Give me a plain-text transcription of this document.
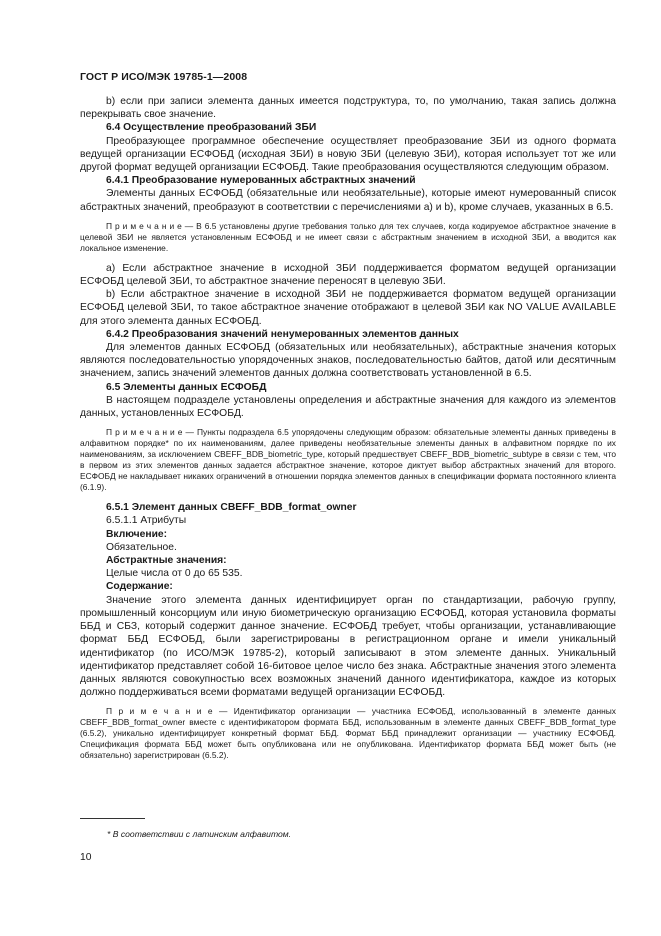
ГОСТ Р ИСО/МЭК 19785-1—2008

b) если при записи элемента данных имеется подструктура, то, по умолчанию, такая запись должна перекрывать свое значение.

6.4 Осуществление преобразований ЗБИ

Преобразующее программное обеспечение осуществляет преобразование ЗБИ из одного формата ведущей организации ЕСФОБД (исходная ЗБИ) в новую ЗБИ (целевую ЗБИ), которая использует тот же или другой формат ведущей организации ЕСФОБД. Такие преобразования осуществляются следующим образом.

6.4.1 Преобразование нумерованных абстрактных значений

Элементы данных ЕСФОБД (обязательные или необязательные), которые имеют нумерованный список абстрактных значений, преобразуют в соответствии с перечислениями а) и b), кроме случаев, указанных в 6.5.

П р и м е ч а н и е — В 6.5 установлены другие требования только для тех случаев, когда кодируемое абстрактное значение в целевой ЗБИ не является установленным ЕСФОБД и не имеет связи с абстрактным значением в исходной ЗБИ, а вводится как локальное изменение.

а) Если абстрактное значение в исходной ЗБИ поддерживается форматом ведущей организации ЕСФОБД целевой ЗБИ, то абстрактное значение переносят в целевую ЗБИ.

b) Если абстрактное значение в исходной ЗБИ не поддерживается форматом ведущей организации ЕСФОБД целевой ЗБИ, то такое абстрактное значение отображают в целевой ЗБИ как NO VALUE AVAILABLE для этого элемента данных ЕСФОБД.

6.4.2 Преобразования значений ненумерованных элементов данных

Для элементов данных ЕСФОБД (обязательных или необязательных), абстрактные значения которых являются последовательностью упорядоченных знаков, последовательностью байтов, датой или десятичным значением, запись значений элементов данных должна соответствовать установленной в 6.5.

6.5 Элементы данных ЕСФОБД

В настоящем подразделе установлены определения и абстрактные значения для каждого из элементов данных, установленных ЕСФОБД.

П р и м е ч а н и е — Пункты подраздела 6.5 упорядочены следующим образом: обязательные элементы данных приведены в алфавитном порядке* по их наименованиям, далее приведены необязательные элементы данных в алфавитном порядке по их наименованиям, за исключением CBEFF_BDB_biometric_type, который предшествует CBEFF_BDB_biometric_subtype в связи с тем, что в первом из этих элементов данных задается абстрактное значение, которое диктует выбор абстрактных значений для второго. ЕСФОБД не накладывает никаких ограничений в отношении порядка элементов данных в спецификации формата постоянного клиента (6.1.9).

6.5.1 Элемент данных CBEFF_BDB_format_owner

6.5.1.1 Атрибуты

Включение:

Обязательное.

Абстрактные значения:

Целые числа от 0 до 65 535.

Содержание:

Значение этого элемента данных идентифицирует орган по стандартизации, рабочую группу, промышленный консорциум или иную биометрическую организацию ЕСФОБД, которая установила форматы ББД и СБЗ, который содержит данное значение. ЕСФОБД требует, чтобы организации, устанавливающие формат ББД ЕСФОБД, были зарегистрированы в регистрационном органе и имели уникальный идентификатор (по ИСО/МЭК 19785-2), который записывают в этом элементе данных. Уникальный идентификатор представляет собой 16-битовое целое число без знака. Абстрактные значения этого элемента данных являются совокупностью всех возможных значений данного идентификатора, каждое из которых должно поддерживаться всеми форматами ведущей организации ЕСФОБД.

П р и м е ч а н и е — Идентификатор организации — участника ЕСФОБД, использованный в элементе данных CBEFF_BDB_format_owner вместе с идентификатором формата ББД, использованным в элементе данных CBEFF_BDB_format_type (6.5.2), уникально идентифицирует конкретный формат ББД. Формат ББД принадлежит организации — участнику ЕСФОБД. Спецификация формата ББД может быть опубликована или не опубликована. Идентификатор формата ББД может быть (не обязательно) зарегистрирован (6.5.2).

* В соответствии с латинским алфавитом.
10
